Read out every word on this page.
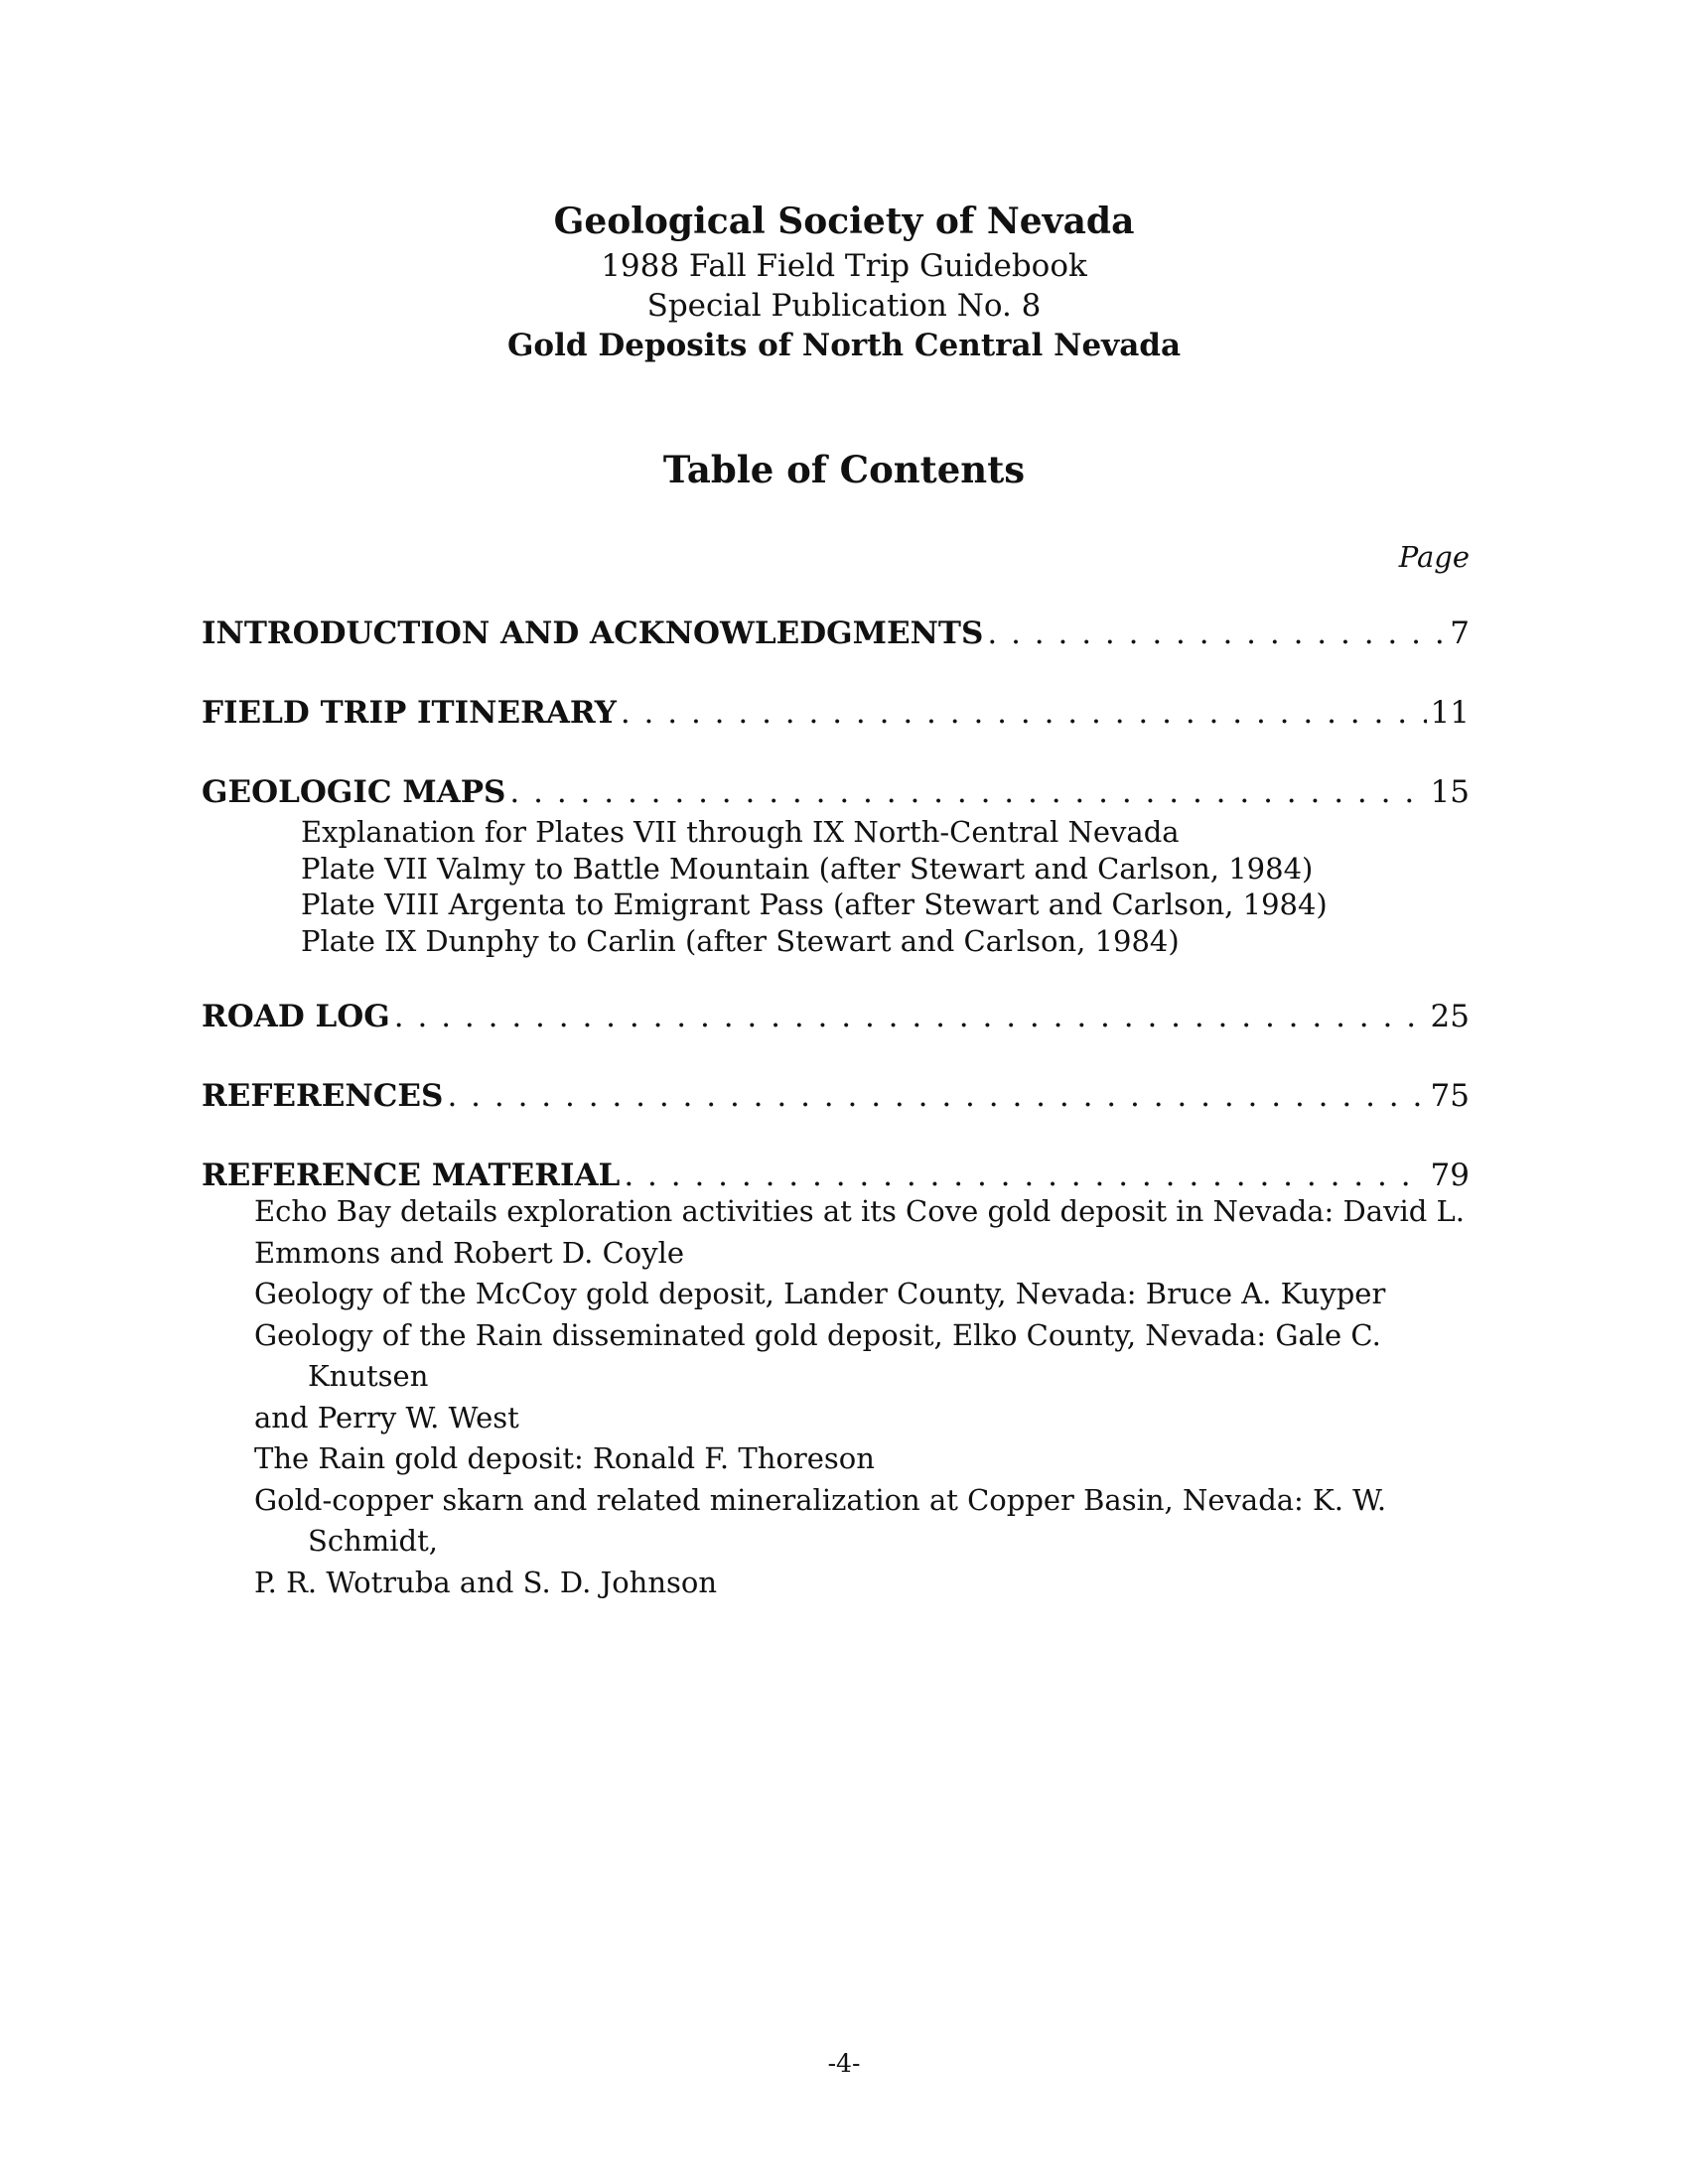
Geological Society of Nevada
1988 Fall Field Trip Guidebook
Special Publication No. 8
Gold Deposits of North Central Nevada
Table of Contents
Page
INTRODUCTION AND ACKNOWLEDGMENTS . . .	7
FIELD TRIP ITINERARY . . .	11
GEOLOGIC MAPS . . .	15
Explanation for Plates VII through IX North-Central Nevada
Plate VII Valmy to Battle Mountain (after Stewart and Carlson, 1984)
Plate VIII Argenta to Emigrant Pass (after Stewart and Carlson, 1984)
Plate IX Dunphy to Carlin (after Stewart and Carlson, 1984)
ROAD LOG . . .	25
REFERENCES . . .	75
REFERENCE MATERIAL . . .	79
Echo Bay details exploration activities at its Cove gold deposit in Nevada: David L.
Emmons and Robert D. Coyle
Geology of the McCoy gold deposit, Lander County, Nevada: Bruce A. Kuyper
Geology of the Rain disseminated gold deposit, Elko County, Nevada: Gale C. Knutsen
and Perry W. West
The Rain gold deposit: Ronald F. Thoreson
Gold-copper skarn and related mineralization at Copper Basin, Nevada: K. W. Schmidt,
P. R. Wotruba and S. D. Johnson
-4-
